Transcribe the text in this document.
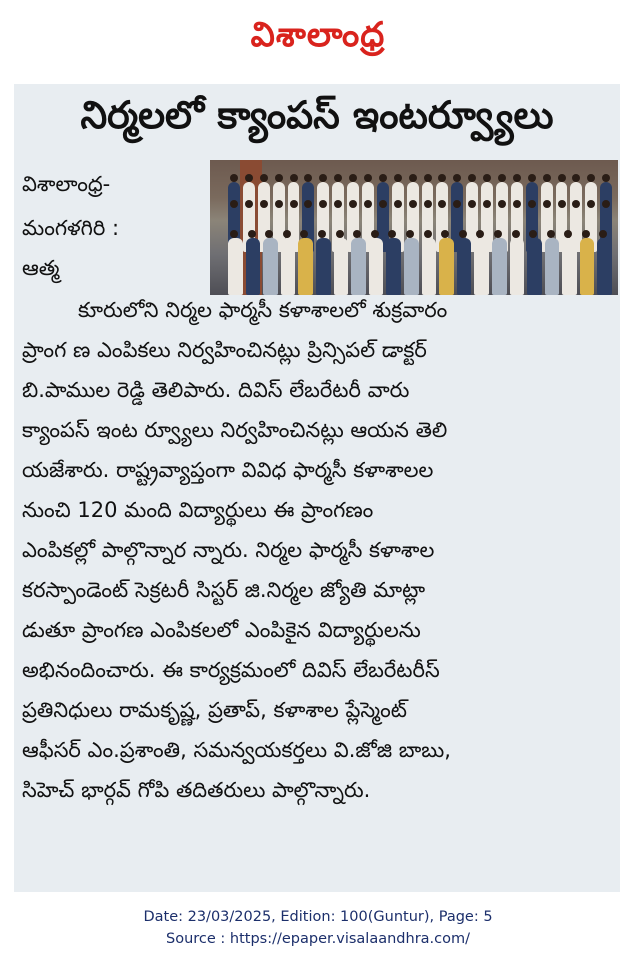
విశాలాంధ్ర
నిర్మలలో క్యాంపస్ ఇంటర్వ్యూలు
విశాలాంధ్ర-
మంగళగిరి :
ఆత్మ
కూరులోని నిర్మల ఫార్మసీ కళాశాలలో శుక్రవారం
ప్రాంగ ణ ఎంపికలు నిర్వహించినట్లు ప్రిన్సిపల్ డాక్టర్
బి.పాముల రెడ్డి తెలిపారు. దివిస్ లేబరేటరీ వారు
క్యాంపస్ ఇంట ర్వ్యూలు నిర్వహించినట్లు ఆయన తెలి
యజేశారు. రాష్ట్రవ్యాప్తంగా వివిధ ఫార్మసీ కళాశాలల
నుంచి 120 మంది విద్యార్థులు ఈ ప్రాంగణం
ఎంపికల్లో పాల్గొన్నార న్నారు. నిర్మల ఫార్మసీ కళాశాల
కరస్పాండెంట్ సెక్రటరీ సిస్టర్ జి.నిర్మల జ్యోతి మాట్లా
డుతూ ప్రాంగణ ఎంపికలలో ఎంపికైన విద్యార్థులను
అభినందించారు. ఈ కార్యక్రమంలో దివిస్ లేబరేటరీస్
ప్రతినిధులు రామకృష్ణ, ప్రతాప్, కళాశాల ప్లేస్మెంట్
ఆఫీసర్ ఎం.ప్రశాంతి, సమన్వయకర్తలు వి.జోజి బాబు,
సిహెచ్ భార్గవ్ గోపి తదితరులు పాల్గొన్నారు.
Date: 23/03/2025, Edition: 100(Guntur), Page: 5
Source : https://epaper.visalaandhra.com/
